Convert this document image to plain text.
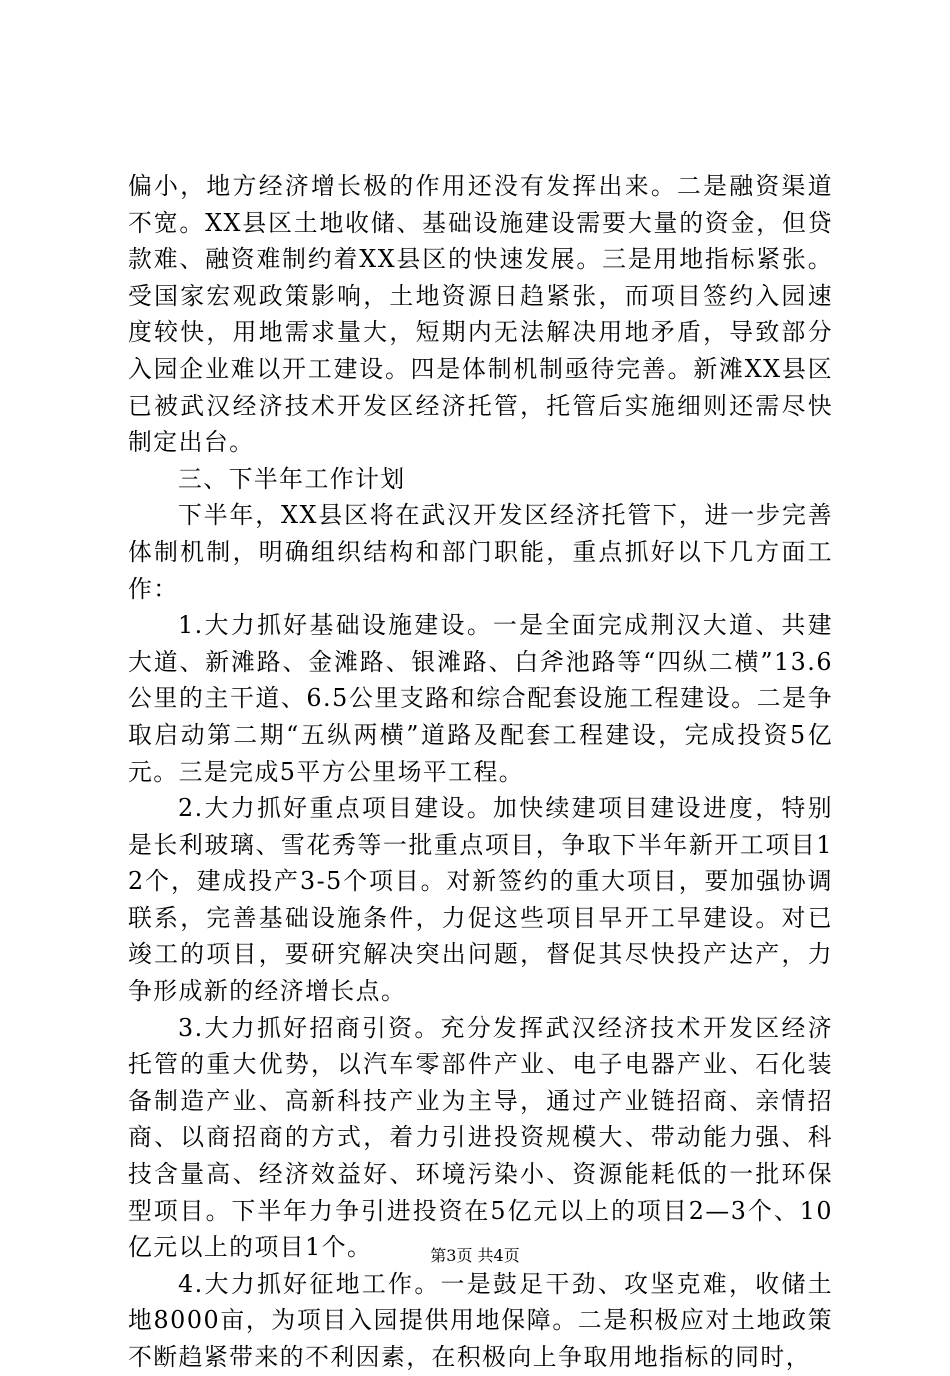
偏小，地方经济增长极的作用还没有发挥出来。二是融资渠道不宽。XX县区土地收储、基础设施建设需要大量的资金，但贷款难、融资难制约着XX县区的快速发展。三是用地指标紧张。受国家宏观政策影响，土地资源日趋紧张，而项目签约入园速度较快，用地需求量大，短期内无法解决用地矛盾，导致部分入园企业难以开工建设。四是体制机制亟待完善。新滩XX县区已被武汉经济技术开发区经济托管，托管后实施细则还需尽快制定出台。

三、下半年工作计划

下半年，XX县区将在武汉开发区经济托管下，进一步完善体制机制，明确组织结构和部门职能，重点抓好以下几方面工作：

1.大力抓好基础设施建设。一是全面完成荆汉大道、共建大道、新滩路、金滩路、银滩路、白斧池路等“四纵二横”13.6公里的主干道、6.5公里支路和综合配套设施工程建设。二是争取启动第二期“五纵两横”道路及配套工程建设，完成投资5亿元。三是完成5平方公里场平工程。

2.大力抓好重点项目建设。加快续建项目建设进度，特别是长利玻璃、雪花秀等一批重点项目，争取下半年新开工项目12个，建成投产3-5个项目。对新签约的重大项目，要加强协调联系，完善基础设施条件，力促这些项目早开工早建设。对已竣工的项目，要研究解决突出问题，督促其尽快投产达产，力争形成新的经济增长点。

3.大力抓好招商引资。充分发挥武汉经济技术开发区经济托管的重大优势，以汽车零部件产业、电子电器产业、石化装备制造产业、高新科技产业为主导，通过产业链招商、亲情招商、以商招商的方式，着力引进投资规模大、带动能力强、科技含量高、经济效益好、环境污染小、资源能耗低的一批环保型项目。下半年力争引进投资在5亿元以上的项目2—3个、10亿元以上的项目1个。

4.大力抓好征地工作。一是鼓足干劲、攻坚克难，收储土地8000亩，为项目入园提供用地保障。二是积极应对土地政策不断趋紧带来的不利因素，在积极向上争取用地指标的同时，

第3页 共4页
